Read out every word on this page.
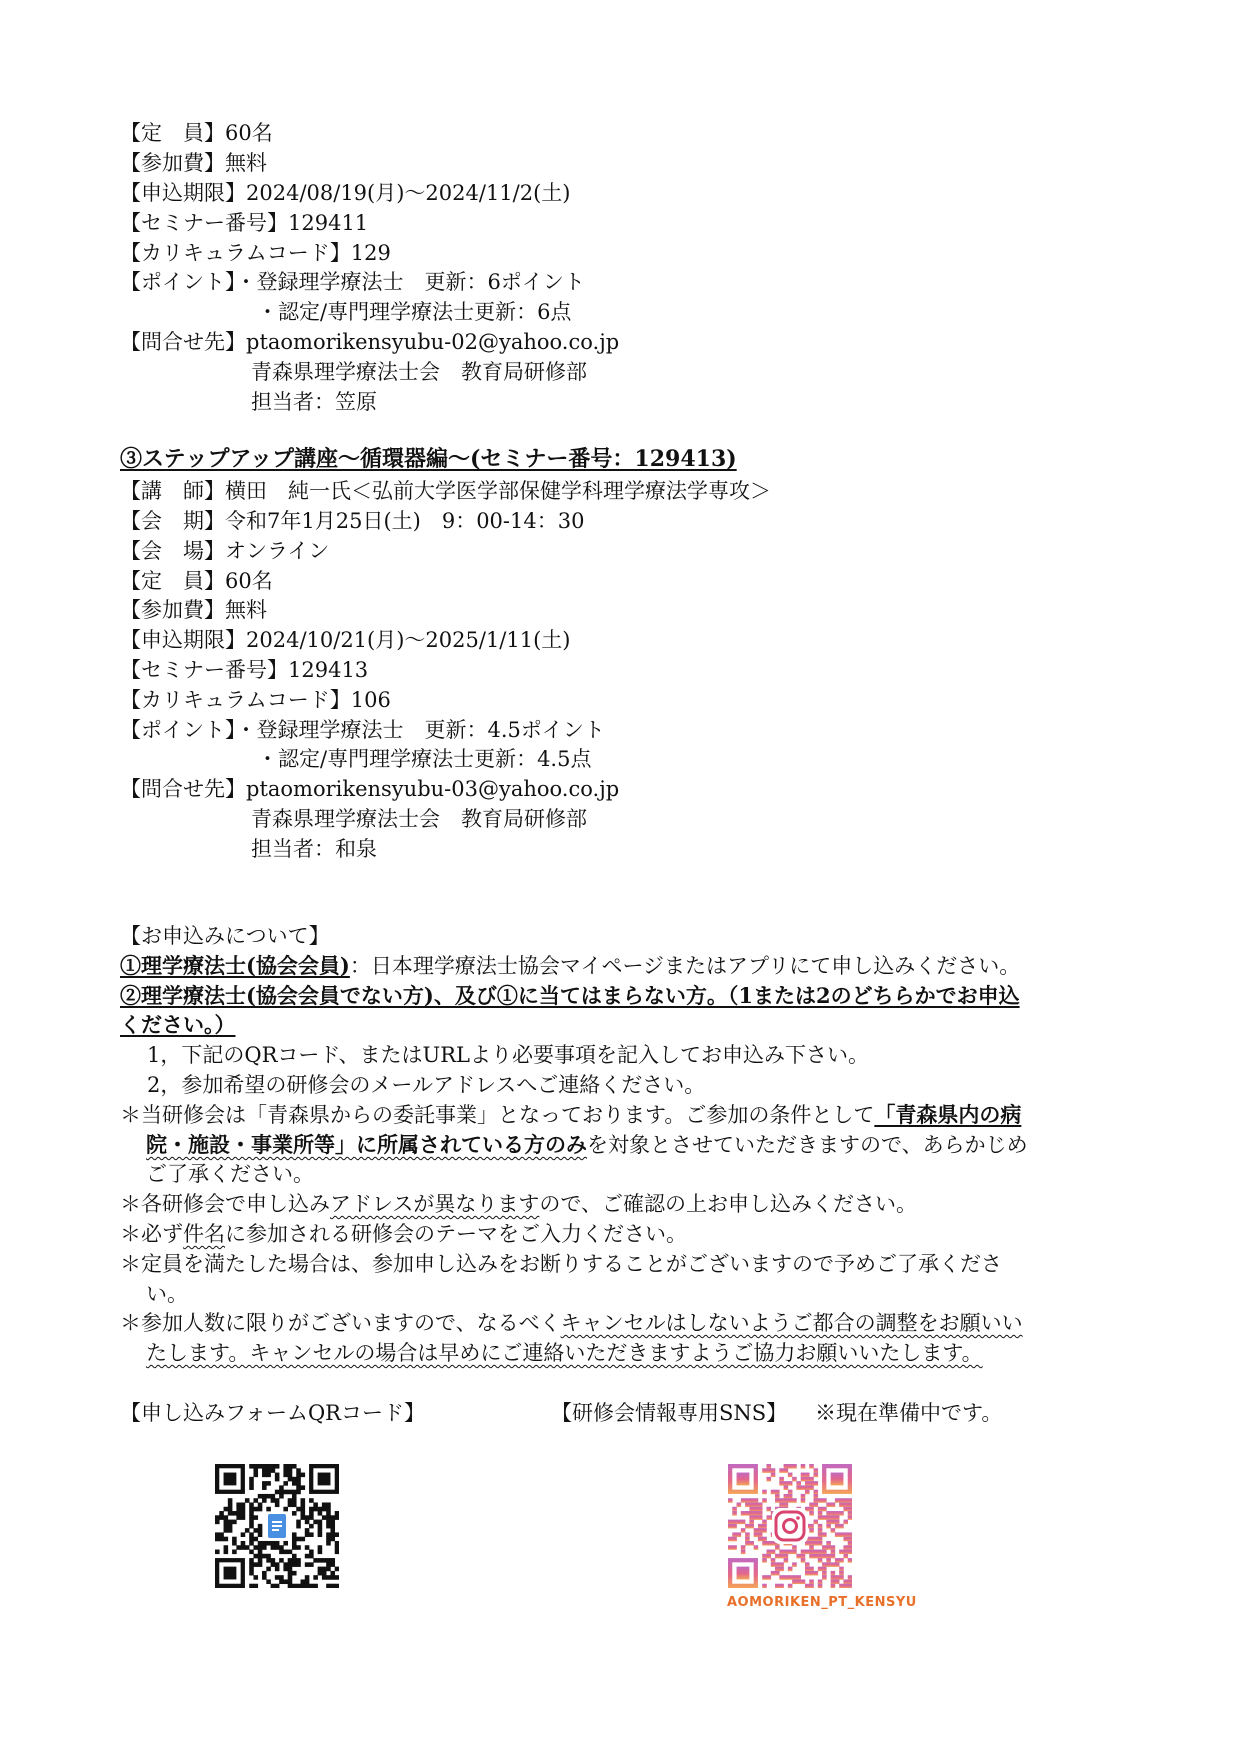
【定　員】60名
【参加費】無料
【申込期限】2024/08/19(月)～2024/11/2(土)
【セミナー番号】129411
【カリキュラムコード】129
【ポイント】・登録理学療法士　更新：6ポイント
・認定/専門理学療法士更新：6点
【問合せ先】ptaomorikensyubu-02@yahoo.co.jp
青森県理学療法士会　教育局研修部
担当者：笠原
③ステップアップ講座～循環器編～(セミナー番号：129413)
【講　師】横田　純一氏＜弘前大学医学部保健学科理学療法学専攻＞
【会　期】令和7年1月25日(土)　9：00-14：30
【会　場】オンライン
【定　員】60名
【参加費】無料
【申込期限】2024/10/21(月)～2025/1/11(土)
【セミナー番号】129413
【カリキュラムコード】106
【ポイント】・登録理学療法士　更新：4.5ポイント
・認定/専門理学療法士更新：4.5点
【問合せ先】ptaomorikensyubu-03@yahoo.co.jp
青森県理学療法士会　教育局研修部
担当者：和泉
【お申込みについて】
①理学療法士(協会会員)：日本理学療法士協会マイページまたはアプリにて申し込みください。
②理学療法士(協会会員でない方)、及び①に当てはまらない方。（1または2のどちらかでお申込
ください。）
1，下記のQRコード、またはURLより必要事項を記入してお申込み下さい。
2，参加希望の研修会のメールアドレスへご連絡ください。
＊当研修会は「青森県からの委託事業」となっております。ご参加の条件として「青森県内の病
院・施設・事業所等」に所属されている方のみを対象とさせていただきますので、あらかじめ
ご了承ください。
＊各研修会で申し込みアドレスが異なりますので、ご確認の上お申し込みください。
＊必ず件名に参加される研修会のテーマをご入力ください。
＊定員を満たした場合は、参加申し込みをお断りすることがございますので予めご了承くださ
い。
＊参加人数に限りがございますので、なるべくキャンセルはしないようご都合の調整をお願いい
たします。キャンセルの場合は早めにご連絡いただきますようご協力お願いいたします。
【申し込みフォームQRコード】	【研修会情報専用SNS】 ※現在準備中です。
AOMORIKEN_PT_KENSYU
